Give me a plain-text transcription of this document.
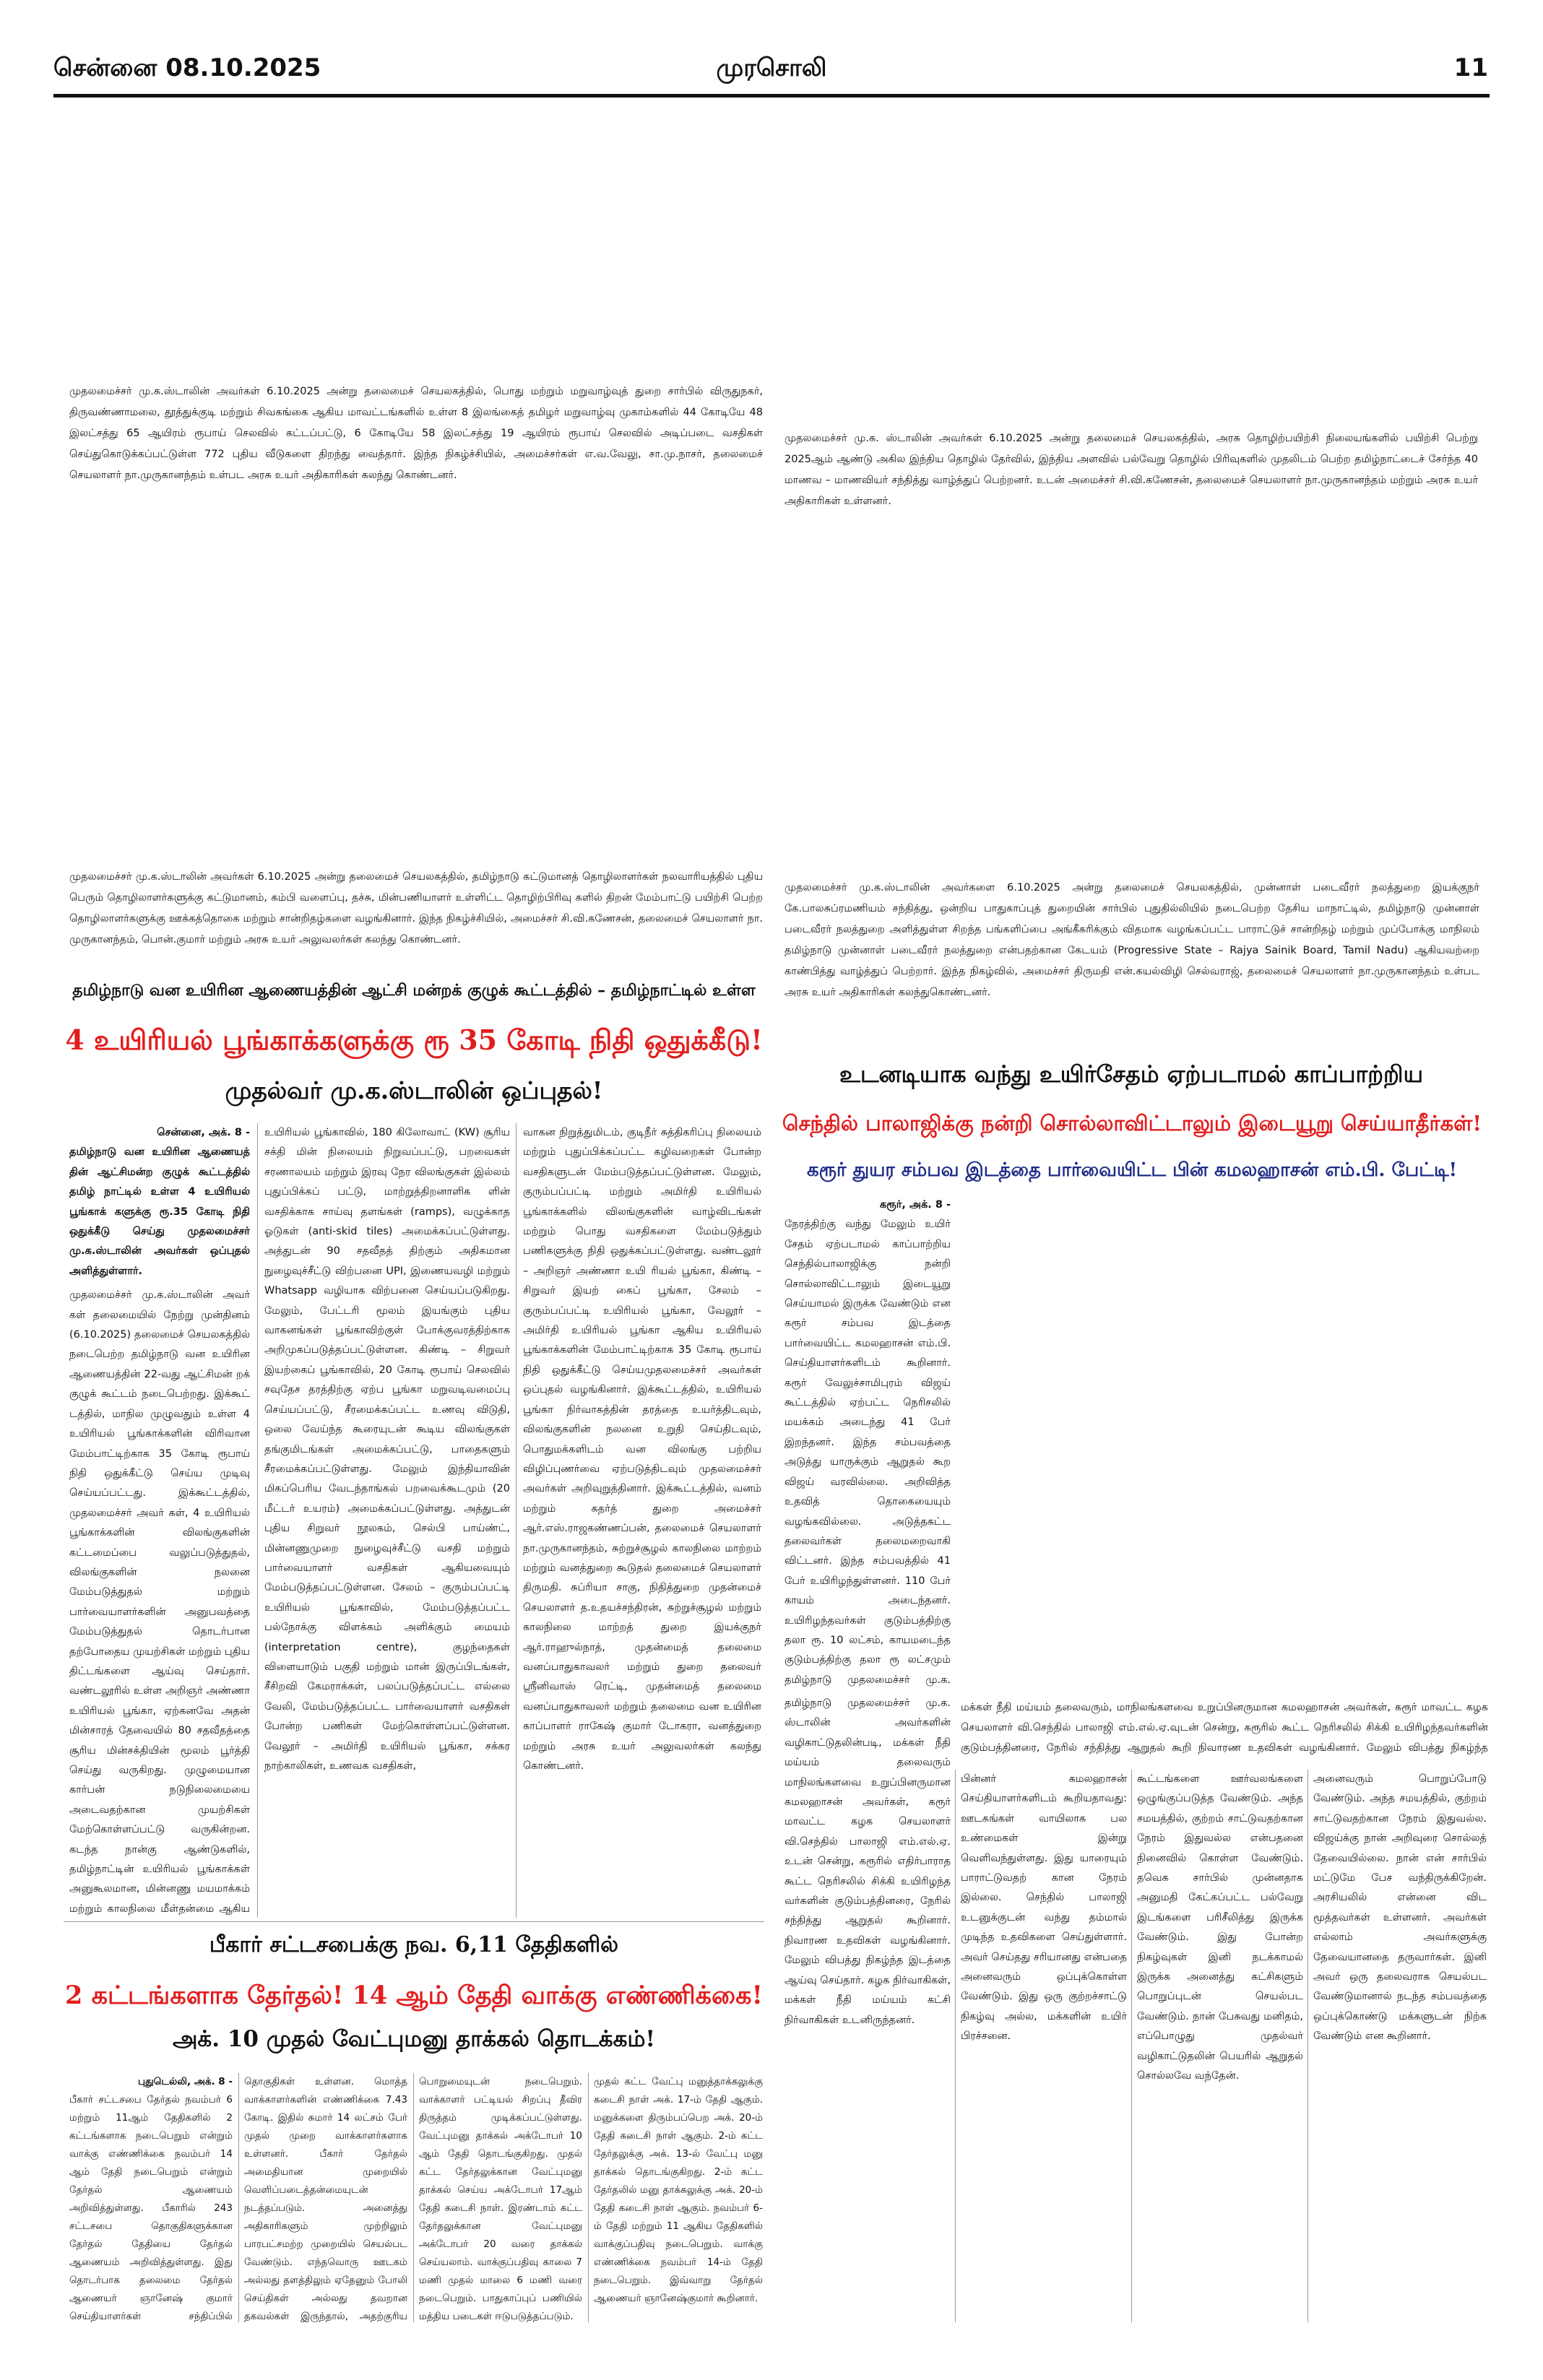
சென்னை 08.10.2025	முரசொலி	11
முதலமைச்சர் மு.க.ஸ்டாலின் அவர்கள் 6.10.2025 அன்று தலைமைச் செயலகத்தில், பொது மற்றும் மறுவாழ்வுத் துறை சார்பில் விருதுநகர், திருவண்ணாமலை, தூத்துக்குடி மற்றும் சிவகங்கை ஆகிய மாவட்டங்களில் உள்ள 8 இலங்கைத் தமிழர் மறுவாழ்வு முகாம்களில் 44 கோடியே 48 இலட்சத்து 65 ஆயிரம் ரூபாய் செலவில் கட்டப்பட்டு, 6 கோடியே 58 இலட்சத்து 19 ஆயிரம் ரூபாய் செலவில் அடிப்படை வசதிகள் செய்துகொடுக்கப்பட்டுள்ள 772 புதிய வீடுகளை திறந்து வைத்தார். இந்த நிகழ்ச்சியில், அமைச்சர்கள் எ.வ.வேலு, சா.மு.நாசர், தலைமைச் செயலாளர் நா.முருகானந்தம் உள்பட அரசு உயர் அதிகாரிகள் கலந்து கொண்டனர்.
முதலமைச்சர் மு.க. ஸ்டாலின் அவர்கள் 6.10.2025 அன்று தலைமைச் செயலகத்தில், அரசு தொழிற்பயிற்சி நிலையங்களில் பயிற்சி பெற்று 2025ஆம் ஆண்டு அகில இந்திய தொழில் தேர்வில், இந்திய அளவில் பல்வேறு தொழில் பிரிவுகளில் முதலிடம் பெற்ற தமிழ்நாட்டைச் சேர்ந்த 40 மாணவ – மாணவியர் சந்தித்து வாழ்த்துப் பெற்றனர். உடன் அமைச்சர் சி.வி.கணேசன், தலைமைச் செயலாளர் நா.முருகானந்தம் மற்றும் அரசு உயர் அதிகாரிகள் உள்ளனர்.
முதலமைச்சர் மு.க.ஸ்டாலின் அவர்கள் 6.10.2025 அன்று தலைமைச் செயலகத்தில், தமிழ்நாடு கட்டுமானத் தொழிலாளர்கள் நலவாரியத்தில் புதிய பெரும் தொழிலாளர்களுக்கு கட்டுமானம், கம்பி வளைப்பு, தச்சு, மின்பணியாளர் உள்ளிட்ட தொழிற்பிரிவு களில் திறன் மேம்பாட்டு பயிற்சி பெற்ற தொழிலாளர்களுக்கு ஊக்கத்தொகை மற்றும் சான்றிதழ்களை வழங்கினார். இந்த நிகழ்ச்சியில், அமைச்சர் சி.வி.கணேசன், தலைமைச் செயலாளர் நா. முருகானந்தம், பொன்.குமார் மற்றும் அரசு உயர் அலுவலர்கள் கலந்து கொண்டனர்.
முதலமைச்சர் மு.க.ஸ்டாலின் அவர்களை 6.10.2025 அன்று தலைமைச் செயலகத்தில், முன்னாள் படைவீரர் நலத்துறை இயக்குநர் கே.பாலசுப்ரமணியம் சந்தித்து, ஒன்றிய பாதுகாப்புத் துறையின் சார்பில் புதுதில்லியில் நடைபெற்ற தேசிய மாநாட்டில், தமிழ்நாடு முன்னாள் படைவீரர் நலத்துறை அளித்துள்ள சிறந்த பங்களிப்பை அங்கீகரிக்கும் விதமாக வழங்கப்பட்ட பாராட்டுச் சான்றிதழ் மற்றும் முப்போக்கு மாநிலம் தமிழ்நாடு முன்னாள் படைவீரர் நலத்துறை என்பதற்கான கேடயம் (Progressive State – Rajya Sainik Board, Tamil Nadu) ஆகியவற்றை காண்பித்து வாழ்த்துப் பெற்றார். இந்த நிகழ்வில், அமைச்சர் திருமதி என்.கயல்விழி செல்வராஜ், தலைமைச் செயலாளர் நா.முருகானந்தம் உள்பட அரசு உயர் அதிகாரிகள் கலந்துகொண்டனர்.
தமிழ்நாடு வன உயிரின ஆணையத்தின் ஆட்சி மன்றக் குழுக் கூட்டத்தில் – தமிழ்நாட்டில் உள்ள
4 உயிரியல் பூங்காக்களுக்கு ரூ 35 கோடி நிதி ஒதுக்கீடு!
முதல்வர் மு.க.ஸ்டாலின் ஒப்புதல்!
சென்னை, அக். 8 -
தமிழ்நாடு வன உயிரின ஆணையத் தின் ஆட்சிமன்ற குழுக் கூட்டத்தில் தமிழ் நாட்டில் உள்ள 4 உயிரியல் பூங்காக் களுக்கு ரூ.35 கோடி நிதி ஒதுக்கீடு செய்து முதலமைச்சர் மு.க.ஸ்டாலின் அவர்கள் ஒப்புதல் அளித்துள்ளார்.
முதலமைச்சர் மு.க.ஸ்டாலின் அவர் கள் தலைமையில் நேற்று முன்தினம் (6.10.2025) தலைமைச் செயலகத்தில் நடைபெற்ற தமிழ்நாடு வன உயிரின ஆணையத்தின் 22-வது ஆட்சிமன் றக் குழுக் கூட்டம் நடைபெற்றது. இக்கூட் டத்தில், மாநில முழுவதும் உள்ள 4 உயிரியல் பூங்காக்களின் விரிவான மேம்பாட்டிற்காக 35 கோடி ரூபாய் நிதி ஒதுக்கீட்டு செய்ய முடிவு செய்யப்பட்டது. இக்கூட்டத்தில், முதலமைச்சர் அவர் கள், 4 உயிரியல் பூங்காக்களின் விலங்குகளின் கட்டமைப்பை வலுப்படுத்துதல், விலங்குகளின் நலனை மேம்படுத்துதல் மற்றும் பார்வையாளர்களின் அனுபவத்தை மேம்படுத்துதல் தொடர்பான தற்போதைய முயற்சிகள் மற்றும் புதிய திட்டங்களை ஆய்வு செய்தார். வண்டலூரில் உள்ள அறிஞர் அண்ணா உயிரியல் பூங்கா, ஏற்கனவே அதன் மின்சாரத் தேவையில் 80 சதவீதத்தை சூரிய மின்சக்தியின் மூலம் பூர்த்தி செய்து வருகிறது. முழுமையான கார்பன் நடுநிலைமையை அடைவதற்கான முயற்சிகள் மேற்கொள்ளப்பட்டு வருகின்றன. கடந்த நான்கு ஆண்டுகளில், தமிழ்நாட்டின் உயிரியல் பூங்காக்கள் அனுகூலமான, மின்னணு மயமாக்கம் மற்றும் காலநிலை மீள்தன்மை ஆகிய
உயிரியல் பூங்காவில், 180 கிலோவாட் (KW) சூரிய சக்தி மின் நிலையம் நிறுவப்பட்டு, பறவைகள் சரணாலயம் மற்றும் இரவு நேர விலங்குகள் இல்லம் புதுப்பிக்கப் பட்டு, மாற்றுத்திறனாளிக ளின் வசதிக்காக சாய்வு தளங்கள் (ramps), வழுக்காத ஓடுகள் (anti-skid tiles) அமைக்கப்பட்டுள்ளது. அத்துடன் 90 சதவீதத் திற்கும் அதிகமான நுழைவுச்சீட்டு விற்பனை UPI, இணையவழி மற்றும் Whatsapp வழியாக விற்பனை செய்யப்படுகிறது. மேலும், பேட்டரி மூலம் இயங்கும் புதிய வாகனங்கள் பூங்காவிற்குள் போக்குவரத்திற்காக அறிமுகப்படுத்தப்பட்டுள்ளன. கிண்டி – சிறுவர் இயற்கைப் பூங்காவில், 20 கோடி ரூபாய் செலவில் சவுதேச தரத்திற்கு ஏற்ப பூங்கா மறுவடிவமைப்பு செய்யப்பட்டு, சீரமைக்கப்பட்ட உணவு விடுதி, ஒலை வேய்ந்த கூரையுடன் கூடிய விலங்குகள் தங்குமிடங்கள் அமைக்கப்பட்டு, பாதைகளும் சீரமைக்கப்பட்டுள்ளது. மேலும் இந்தியாவின் மிகப்பெரிய வேடந்தாங்கல் பறவைக்கூடமும் (20 மீட்டர் உயரம்) அமைக்கப்பட்டுள்ளது. அத்துடன் புதிய சிறுவர் நூலகம், செல்பி பாய்ண்ட், மின்னணுமுறை நுழைவுச்சீட்டு வசதி மற்றும் பார்வையாளர் வசதிகள் ஆகியவையும் மேம்படுத்தப்பட்டுள்ளன. சேலம் – குரும்பப்பட்டி உயிரியல் பூங்காவில், மேம்படுத்தப்பட்ட பல்நோக்கு விளக்கம் அளிக்கும் மையம் (interpretation centre), குழந்தைகள் விளையாடும் பகுதி மற்றும் மான் இருப்பிடங்கள், சீசிறவி கேமராக்கள், பலப்படுத்தப்பட்ட எல்லை வேலி, மேம்படுத்தப்பட்ட பார்வையாளர் வசதிகள் போன்ற பணிகள் மேற்கொள்ளப்பட்டுள்ளன. வேலூர் – அமிர்தி உயிரியல் பூங்கா, சக்கர நாற்காலிகள், உணவக வசதிகள்,
வாகன நிறுத்துமிடம், குடிநீர் சுத்திகரிப்பு நிலையம் மற்றும் புதுப்பிக்கப்பட்ட கழிவறைகள் போன்ற வசதிகளுடன் மேம்படுத்தப்பட்டுள்ளன. மேலும், குரும்பப்பட்டி மற்றும் அமிர்தி உயிரியல் பூங்காக்களில் விலங்குகளின் வாழ்விடங்கள் மற்றும் பொது வசதிகளை மேம்படுத்தும் பணிகளுக்கு நிதி ஒதுக்கப்பட்டுள்ளது. வண்டலூர் – அறிஞர் அண்ணா உயி ரியல் பூங்கா, கிண்டி – சிறுவர் இயற் கைப் பூங்கா, சேலம் – குரும்பப்பட்டி உயிரியல் பூங்கா, வேலூர் – அமிர்தி உயிரியல் பூங்கா ஆகிய உயிரியல் பூங்காக்களின் மேம்பாட்டிற்காக 35 கோடி ரூபாய் நிதி ஒதுக்கீட்டு செய்யமுதலமைச்சர் அவர்கள் ஒப்புதல் வழங்கினார். இக்கூட்டத்தில், உயிரியல் பூங்கா நிர்வாகத்தின் தரத்தை உயர்த்திடவும், விலங்குகளின் நலனை உறுதி செய்திடவும், பொதுமக்களிடம் வன விலங்கு பற்றிய விழிப்புணர்வை ஏற்படுத்திடவும் முதலமைச்சர் அவர்கள் அறிவுறுத்தினார். இக்கூட்டத்தில், வனம் மற்றும் கதர்த் துறை அமைச்சர் ஆர்.எஸ்.ராஜகண்ணப்பன், தலைமைச் செயலாளர் நா.முருகானந்தம், சுற்றுச்சூழல் காலநிலை மாற்றம் மற்றும் வனத்துறை கூடுதல் தலைமைச் செயலாளர் திருமதி. சுப்ரியா சாகு, நிதித்துறை முதன்மைச் செயலாளர் த.உதயச்சந்திரன், சுற்றுச்சூழல் மற்றும் காலநிலை மாற்றத் துறை இயக்குநர் ஆர்.ராஹுல்நாத், முதன்மைத் தலைமை வனப்பாதுகாவலர் மற்றும் துறை தலைவர் ஸ்ரீனிவாஸ் ரெட்டி, முதன்மைத் தலைமை வனப்பாதுகாவலர் மற்றும் தலைமை வன உயிரின காப்பாளர் ராகேஷ் குமார் டோகரா, வனத்துறை மற்றும் அரசு உயர் அலுவலர்கள் கலந்து கொண்டனர்.
உடனடியாக வந்து உயிர்சேதம் ஏற்படாமல் காப்பாற்றிய
செந்தில் பாலாஜிக்கு நன்றி சொல்லாவிட்டாலும் இடையூறு செய்யாதீர்கள்!
கரூர் துயர சம்பவ இடத்தை பார்வையிட்ட பின் கமலஹாசன் எம்.பி. பேட்டி!
கரூர், அக். 8 -
நேரத்திற்கு வந்து மேலும் உயிர் சேதம் ஏற்படாமல் காப்பாற்றிய செந்தில்பாலாஜிக்கு நன்றி சொல்லாவிட்டாலும் இடையூறு செய்யாமல் இருக்க வேண்டும் என கரூர் சம்பவ இடத்தை பார்வையிட்ட கமலஹாசன் எம்.பி. செய்தியாளர்களிடம் கூறினார். கரூர் வேலுச்சாமிபுரம் விஜய் கூட்டத்தில் ஏற்பட்ட நெரிசலில் மயக்கம் அடைந்து 41 பேர் இறந்தனர். இந்த சம்பவத்தை அடுத்து யாருக்கும் ஆறுதல் கூற விஜய் வரவில்லை. அறிவித்த உதவித் தொகையையும் வழங்கவில்லை. அடுத்தகட்ட தலைவர்கள் தலைமறைவாகி விட்டனர். இந்த சம்பவத்தில் 41 பேர் உயிரிழந்துள்ளனர். 110 பேர் காயம் அடைந்தனர். உயிரிழந்தவர்கள் குடும்பத்திற்கு தலா ரூ. 10 லட்சம், காயமடைந்த குடும்பத்திற்கு தலா ரூ லட்சமும் தமிழ்நாடு முதலமைச்சர் மு.க.
மக்கள் நீதி மய்யம் தலைவரும், மாநிலங்களவை உறுப்பினருமான கமலஹாசன் அவர்கள், கரூர் மாவட்ட கழக செயலாளர் வி.செந்தில் பாலாஜி எம்.எல்.ஏ.வுடன் சென்று, கரூரில் கூட்ட நெரிசலில் சிக்கி உயிரிழந்தவர்களின் குடும்பத்தினரை, நேரில் சந்தித்து ஆறுதல் கூறி நிவாரண உதவிகள் வழங்கினார். மேலும் விபத்து நிகழ்ந்த
தமிழ்நாடு முதலமைச்சர் மு.க. ஸ்டாலின் அவர்களின் வழிகாட்டுதலின்படி, மக்கள் நீதி மய்யம் தலைவரும் மாநிலங்களவை உறுப்பினருமான கமலஹாசன் அவர்கள், கரூர் மாவட்ட கழக செயலாளர் வி.செந்தில் பாலாஜி எம்.எல்.ஏ. உடன் சென்று, கரூரில் எதிர்பாராத கூட்ட நெரிசலில் சிக்கி உயிரிழந்த வர்களின் குடும்பத்தினரை, நேரில் சந்தித்து ஆறுதல் கூறினார். நிவாரண உதவிகள் வழங்கினார். மேலும் விபத்து நிகழ்ந்த இடத்தை ஆய்வு செய்தார். கழக நிர்வாகிகள், மக்கள் நீதி மய்யம் கட்சி நிர்வாகிகள் உடனிருந்தனர்.
பின்னர் கமலஹாசன் செய்தியாளர்களிடம் கூறியதாவது: ஊடகங்கள் வாயிலாக பல உண்மைகள் இன்று வெளிவந்துள்ளது. இது யாரையும் பாராட்டுவதற் கான நேரம் இல்லை. செந்தில் பாலாஜி உடனுக்குடன் வந்து தம்மால் முடிந்த உதவிகளை செய்துள்ளார். அவர் செய்தது சரியானது என்பதை அனைவரும் ஒப்புக்கொள்ள வேண்டும். இது ஒரு குற்றச்சாட்டு நிகழ்வு அல்ல, மக்களின் உயிர் பிரச்சனை.
கூட்டங்களை ஊர்வலங்களை ஒழுங்குப்படுத்த வேண்டும். அந்த சமயத்தில், குற்றம் சாட்டுவதற்கான நேரம் இதுவல்ல என்பதனை நினைவில் கொள்ள வேண்டும். தவெக சார்பில் முன்னதாக அனுமதி கேட்கப்பட்ட பல்வேறு இடங்களை பரிசீலித்து இருக்க வேண்டும். இது போன்ற நிகழ்வுகள் இனி நடக்காமல் இருக்க அனைத்து கட்சிகளும் பொறுப்புடன் செயல்பட வேண்டும். நான் பேசுவது மனிதம், எப்பொழுது முதல்வர் வழிகாட்டுதலின் பெயரில் ஆறுதல் சொல்லவே வந்தேன்.
அனைவரும் பொறுப்போடு வேண்டும். அந்த சமயத்தில், குற்றம் சாட்டுவதற்கான நேரம் இதுவல்ல. விஜய்க்கு நான் அறிவுரை சொல்லத் தேவையில்லை. நான் என் சார்பில் மட்டுமே பேச வந்திருக்கிறேன். அரசியலில் என்னை விட மூத்தவர்கள் உள்ளனர். அவர்கள் எல்லாம் அவர்களுக்கு தேவையானதை தருவார்கள். இனி அவர் ஒரு தலைவராக செயல்பட வேண்டுமானால் நடந்த சம்பவத்தை ஒப்புக்கொண்டு மக்களுடன் நிற்க வேண்டும் என கூறினார்.
பீகார் சட்டசபைக்கு நவ. 6,11 தேதிகளில்
2 கட்டங்களாக தேர்தல்! 14 ஆம் தேதி வாக்கு எண்ணிக்கை!
அக். 10 முதல் வேட்புமனு தாக்கல் தொடக்கம்!
புதுடெல்லி, அக். 8 -
பீகார் சட்டசபை தேர்தல் நவம்பர் 6 மற்றும் 11ஆம் தேதிகளில் 2 கட்டங்களாக நடைபெறும் என்றும் வாக்கு எண்ணிக்கை நவம்பர் 14 ஆம் தேதி நடைபெறும் என்றும் தேர்தல் ஆணையம் அறிவித்துள்ளது. பீகாரில் 243 சட்டசபை தொகுதிகளுக்கான தேர்தல் தேதியை தேர்தல் ஆணையம் அறிவித்துள்ளது. இது தொடர்பாக தலைமை தேர்தல் ஆணையர் ஞானேஷ் குமார் செய்தியாளர்கள் சந்திப்பில்
தொகுதிகள் உள்ளன. மொத்த வாக்காளர்களின் எண்ணிக்கை 7.43 கோடி. இதில் சுமார் 14 லட்சம் பேர் முதல் முறை வாக்காளர்களாக உள்ளனர். பீகார் தேர்தல் அமைதியான முறையில் வெளிப்படைத்தன்மையுடன் நடத்தப்படும். அனைத்து அதிகாரிகளும் முற்றிலும் பாரபட்சமற்ற முறையில் செயல்பட வேண்டும். எந்தவொரு ஊடகம் அல்லது தளத்திலும் ஏதேனும் போலி செய்திகள் அல்லது தவறான தகவல்கள் இருந்தால், அதற்குரிய
பொறுமையுடன் நடைபெறும். வாக்காளர் பட்டியல் சிறப்பு தீவிர திருத்தம் முடிக்கப்பட்டுள்ளது. வேட்புமனு தாக்கல் அக்டோபர் 10 ஆம் தேதி தொடங்குகிறது. முதல் கட்ட தேர்தலுக்கான வேட்புமனு தாக்கல் செய்ய அக்டோபர் 17ஆம் தேதி கடைசி நாள். இரண்டாம் கட்ட தேர்தலுக்கான வேட்புமனு அக்டோபர் 20 வரை தாக்கல் செய்யலாம். வாக்குப்பதிவு காலை 7 மணி முதல் மாலை 6 மணி வரை நடைபெறும். பாதுகாப்புப் பணியில் மத்திய படைகள் ஈடுபடுத்தப்படும்.
முதல் கட்ட வேட்பு மனுத்தாக்கலுக்கு கடைசி நாள் அக். 17-ம் தேதி ஆகும். மனுக்களை திரும்பப்பெற அக். 20-ம் தேதி கடைசி நாள் ஆகும். 2-ம் கட்ட தேர்தலுக்கு அக். 13-ல் வேட்பு மனு தாக்கல் தொடங்குகிறது. 2-ம் கட்ட தேர்தலில் மனு தாக்கலுக்கு அக். 20-ம் தேதி கடைசி நாள் ஆகும். நவம்பர் 6-ம் தேதி மற்றும் 11 ஆகிய தேதிகளில் வாக்குப்பதிவு நடைபெறும். வாக்கு எண்ணிக்கை நவம்பர் 14-ம் தேதி நடைபெறும். இவ்வாறு தேர்தல் ஆணையர் ஞானேஷ்குமார் கூறினார்.
